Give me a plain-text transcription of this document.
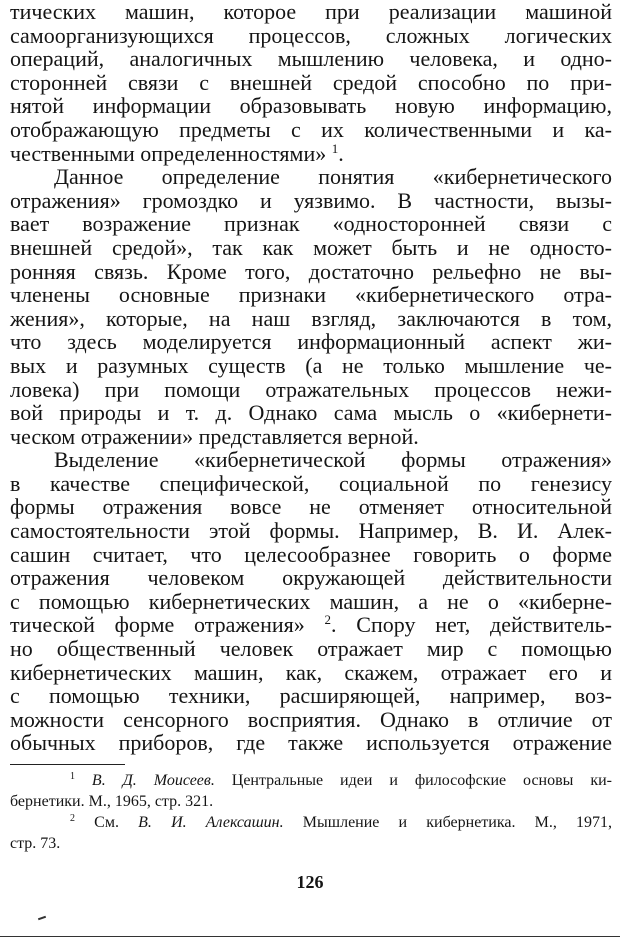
тических машин, которое при реализации машиной
самоорганизующихся процессов, сложных логических
операций, аналогичных мышлению человека, и одно-
сторонней связи с внешней средой способно по при-
нятой информации образовывать новую информацию,
отображающую предметы с их количественными и ка-
чественными определенностями» $^1$.
Данное определение понятия «кибернетического
отражения» громоздко и уязвимо. В частности, вызы-
вает возражение признак «односторонней связи с
внешней средой», так как может быть и не односто-
ронняя связь. Кроме того, достаточно рельефно не вы-
членены основные признаки «кибернетического отра-
жения», которые, на наш взгляд, заключаются в том,
что здесь моделируется информационный аспект жи-
вых и разумных существ (а не только мышление че-
ловека) при помощи отражательных процессов нежи-
вой природы и т. д. Однако сама мысль о «кибернети-
ческом отражении» представляется верной.
Выделение «кибернетической формы отражения»
в качестве специфической, социальной по генезису
формы отражения вовсе не отменяет относительной
самостоятельности этой формы. Например, В. И. Алек-
сашин считает, что целесообразнее говорить о форме
отражения человеком окружающей действительности
с помощью кибернетических машин, а не о «киберне-
тической форме отражения» $^2$. Спору нет, действитель-
но общественный человек отражает мир с помощью
кибернетических машин, как, скажем, отражает его и
с помощью техники, расширяющей, например, воз-
можности сенсорного восприятия. Однако в отличие от
обычных приборов, где также используется отражение
$^1$ В. Д. Моисеев. Центральные идеи и философские основы ки-
бернетики. М., 1965, стр. 321.
$^2$ См. В. И. Алексашин. Мышление и кибернетика. М., 1971,
стр. 73.
126
